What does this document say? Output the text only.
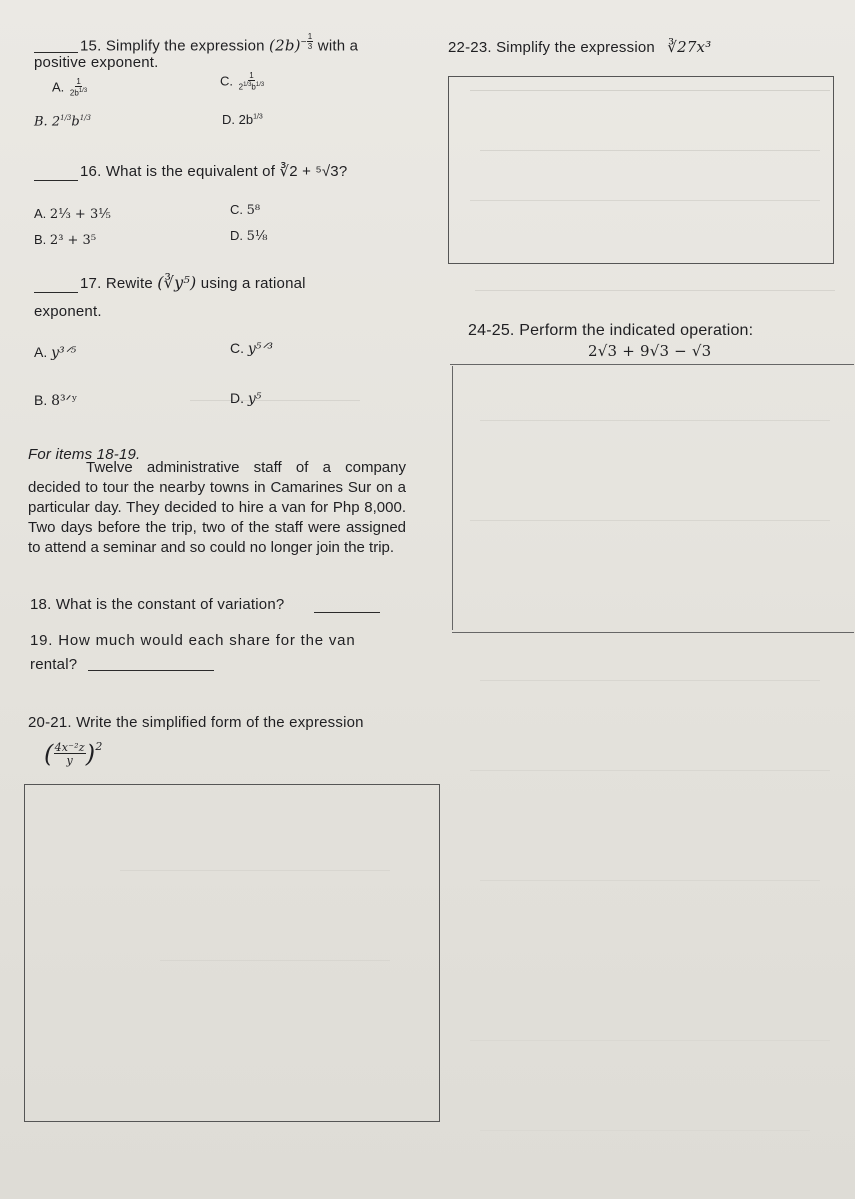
15. Simplify the expression $(2b)^{- \frac{1}{3}}$ with a
positive exponent.
A. $\frac{1}{2b^{1/3}}$	C. $\frac{1}{2^{1/3}b^{1/3}}$
B. $2^{1/3}b^{1/3}$	D. $2b^{1/3}$
16. What is the equivalent of ∛2 + ⁵√3?
A. 2⅓ + 3⅕	C. 5⁸
B. 2³ + 3⁵	D. 5⅛
17. Rewite (∛y⁵) using a rational
exponent.
A. y³ᐟ⁵	C. y⁵ᐟ³
B. 8³ᐟʸ	D. y⁵
For items 18-19.

Twelve administrative staff of a company decided to tour the nearby towns in Camarines Sur on a particular day. They decided to hire a van for Php 8,000. Two days before the trip, two of the staff were assigned to attend a seminar and so could no longer join the trip.

18. What is the constant of variation?
19. How much would each share for the van
rental?
20-21. Write the simplified form of the expression
( $\frac{\text{4x⁻²z}}{y} )^2$
22-23. Simplify the expression ∛27x³
24-25. Perform the indicated operation:
2√3 + 9√3 − √3
